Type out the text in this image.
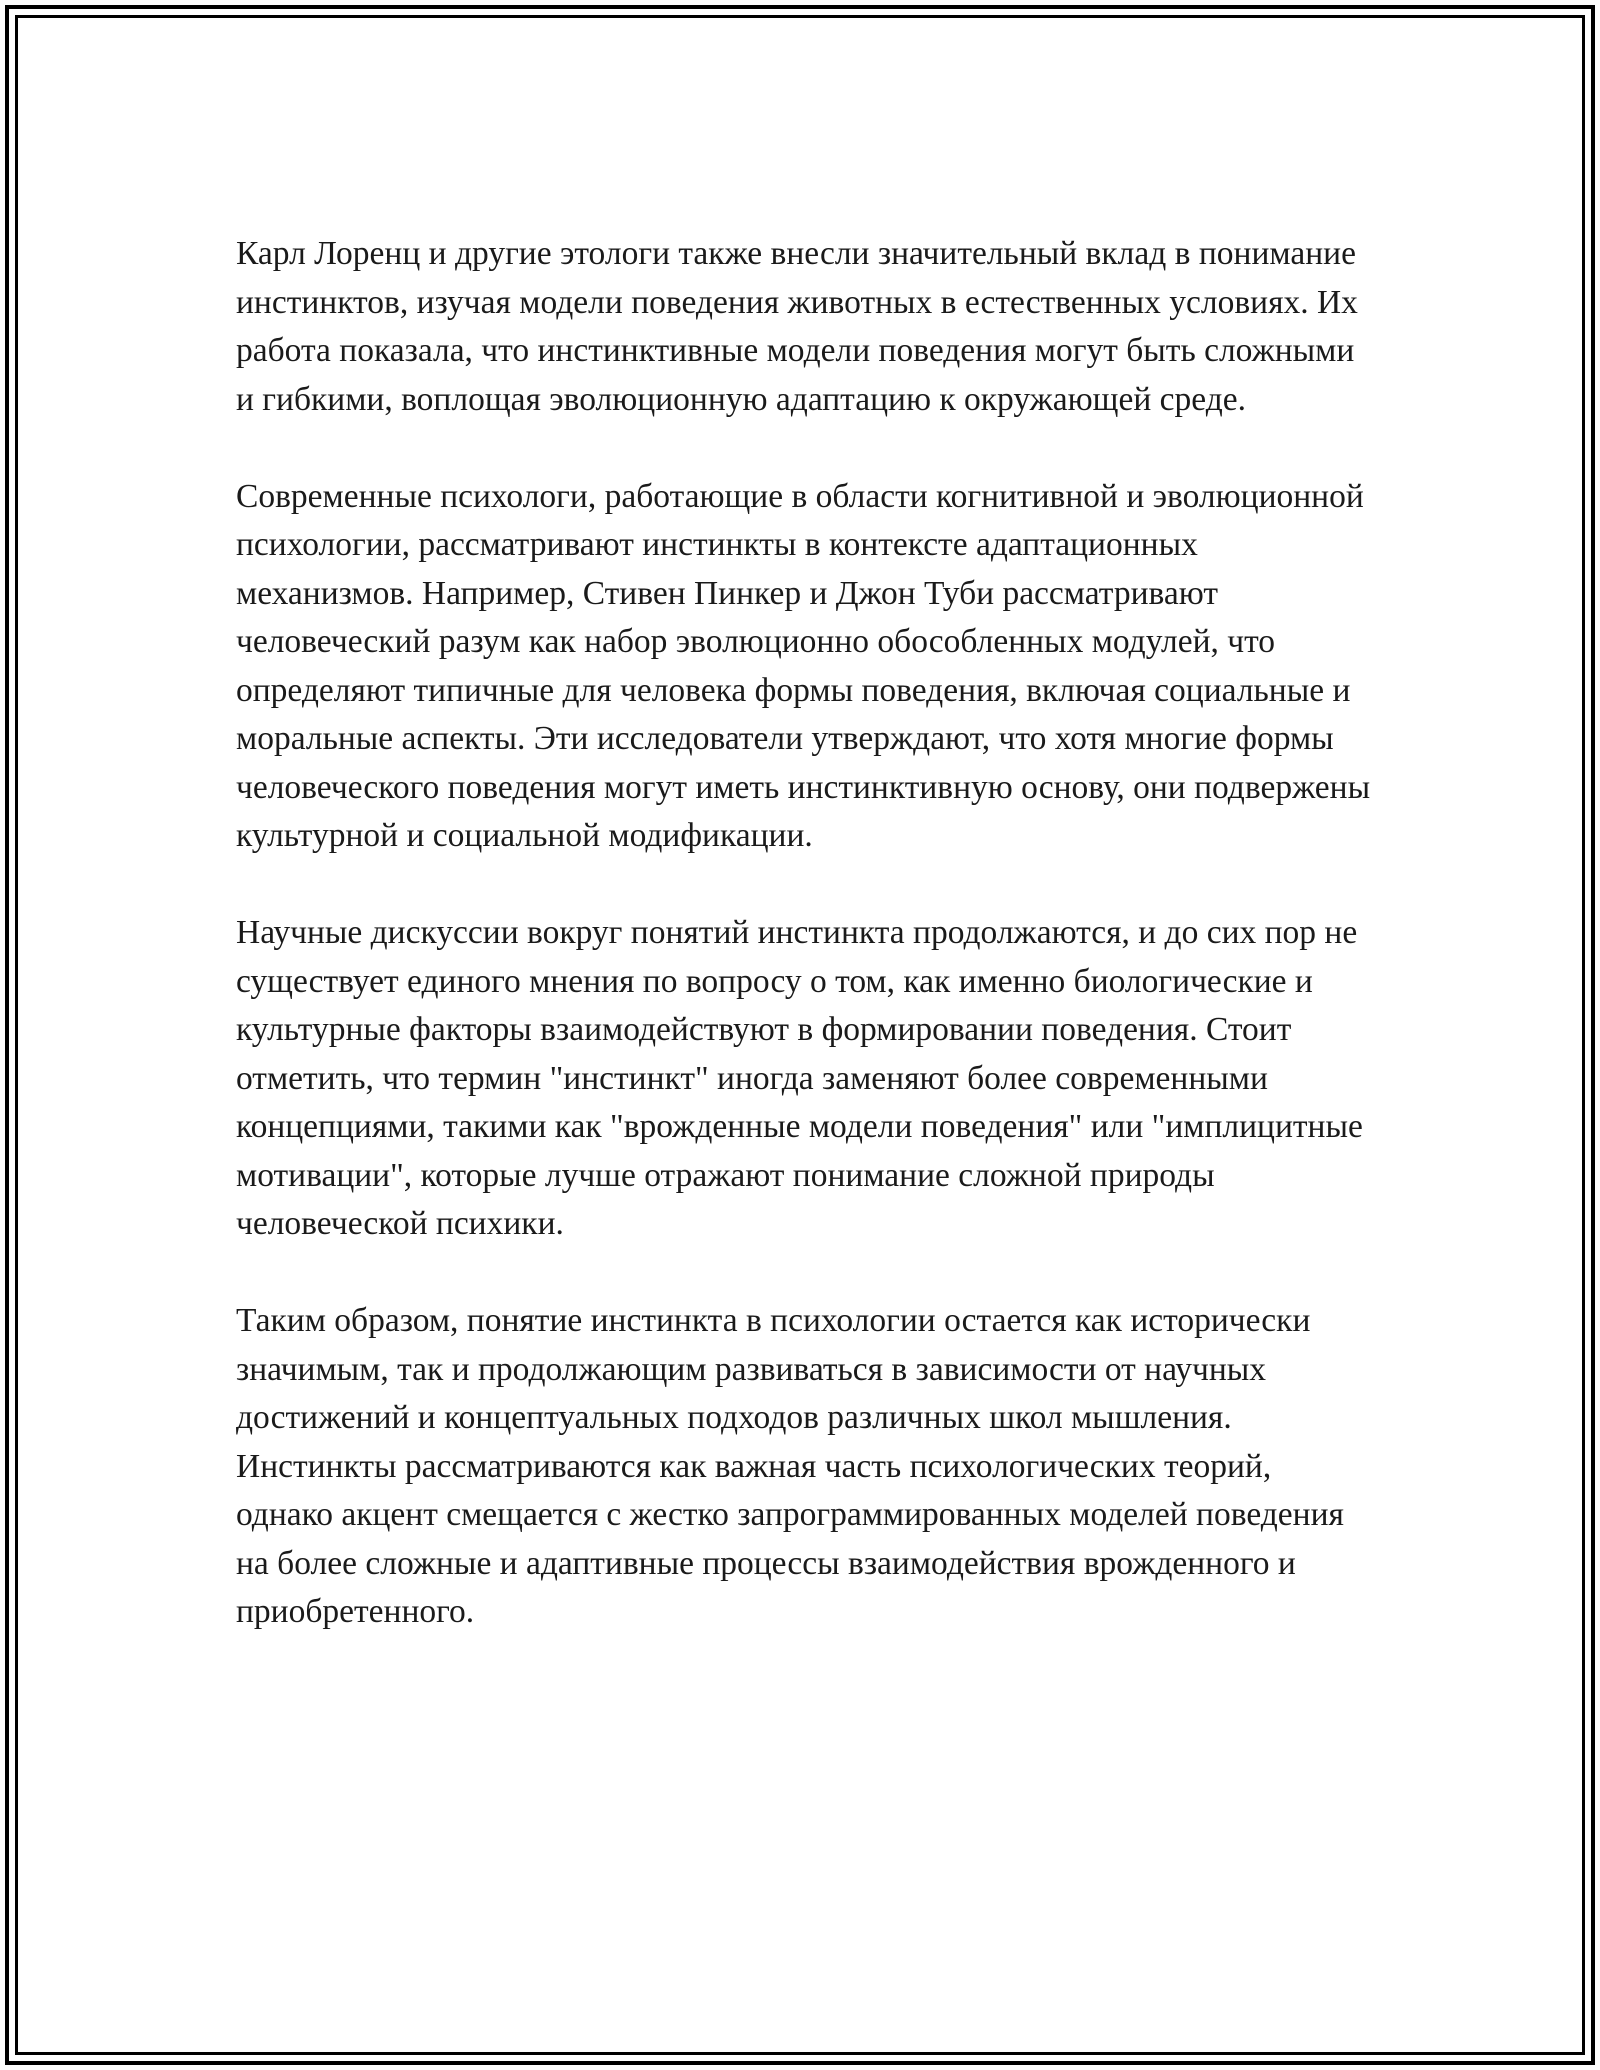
Карл Лоренц и другие этологи также внесли значительный вклад в понимание инстинктов, изучая модели поведения животных в естественных условиях. Их работа показала, что инстинктивные модели поведения могут быть сложными и гибкими, воплощая эволюционную адаптацию к окружающей среде.

Современные психологи, работающие в области когнитивной и эволюционной психологии, рассматривают инстинкты в контексте адаптационных механизмов. Например, Стивен Пинкер и Джон Туби рассматривают человеческий разум как набор эволюционно обособленных модулей, что определяют типичные для человека формы поведения, включая социальные и моральные аспекты. Эти исследователи утверждают, что хотя многие формы человеческого поведения могут иметь инстинктивную основу, они подвержены культурной и социальной модификации.

Научные дискуссии вокруг понятий инстинкта продолжаются, и до сих пор не существует единого мнения по вопросу о том, как именно биологические и культурные факторы взаимодействуют в формировании поведения. Стоит отметить, что термин "инстинкт" иногда заменяют более современными концепциями, такими как "врожденные модели поведения" или "имплицитные мотивации", которые лучше отражают понимание сложной природы человеческой психики.

Таким образом, понятие инстинкта в психологии остается как исторически значимым, так и продолжающим развиваться в зависимости от научных достижений и концептуальных подходов различных школ мышления. Инстинкты рассматриваются как важная часть психологических теорий, однако акцент смещается с жестко запрограммированных моделей поведения на более сложные и адаптивные процессы взаимодействия врожденного и приобретенного.
